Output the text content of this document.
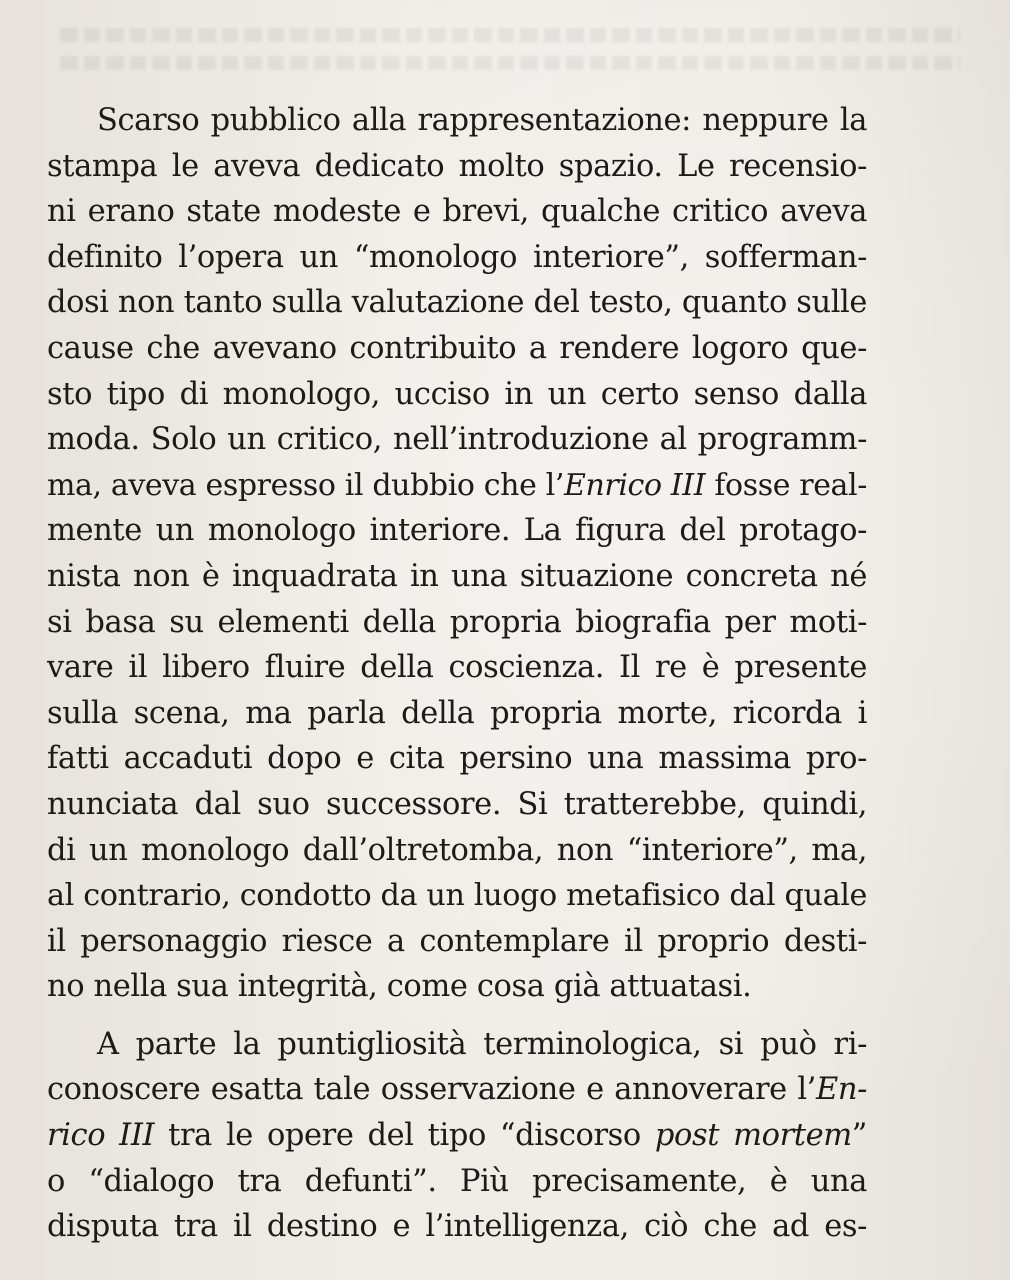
Scarso pubblico alla rappresentazione: neppure la
stampa le aveva dedicato molto spazio. Le recensio-
ni erano state modeste e brevi, qualche critico aveva
definito l’opera un “monologo interiore”, sofferman-
dosi non tanto sulla valutazione del testo, quanto sulle
cause che avevano contribuito a rendere logoro que-
sto tipo di monologo, ucciso in un certo senso dalla
moda. Solo un critico, nell’introduzione al programm-
ma, aveva espresso il dubbio che l’Enrico III fosse real-
mente un monologo interiore. La figura del protago-
nista non è inquadrata in una situazione concreta né
si basa su elementi della propria biografia per moti-
vare il libero fluire della coscienza. Il re è presente
sulla scena, ma parla della propria morte, ricorda i
fatti accaduti dopo e cita persino una massima pro-
nunciata dal suo successore. Si tratterebbe, quindi,
di un monologo dall’oltretomba, non “interiore”, ma,
al contrario, condotto da un luogo metafisico dal quale
il personaggio riesce a contemplare il proprio desti-
no nella sua integrità, come cosa già attuatasi.
A parte la puntigliosità terminologica, si può ri-
conoscere esatta tale osservazione e annoverare l’En-
rico III tra le opere del tipo “discorso post mortem”
o “dialogo tra defunti”. Più precisamente, è una
disputa tra il destino e l’intelligenza, ciò che ad es-
